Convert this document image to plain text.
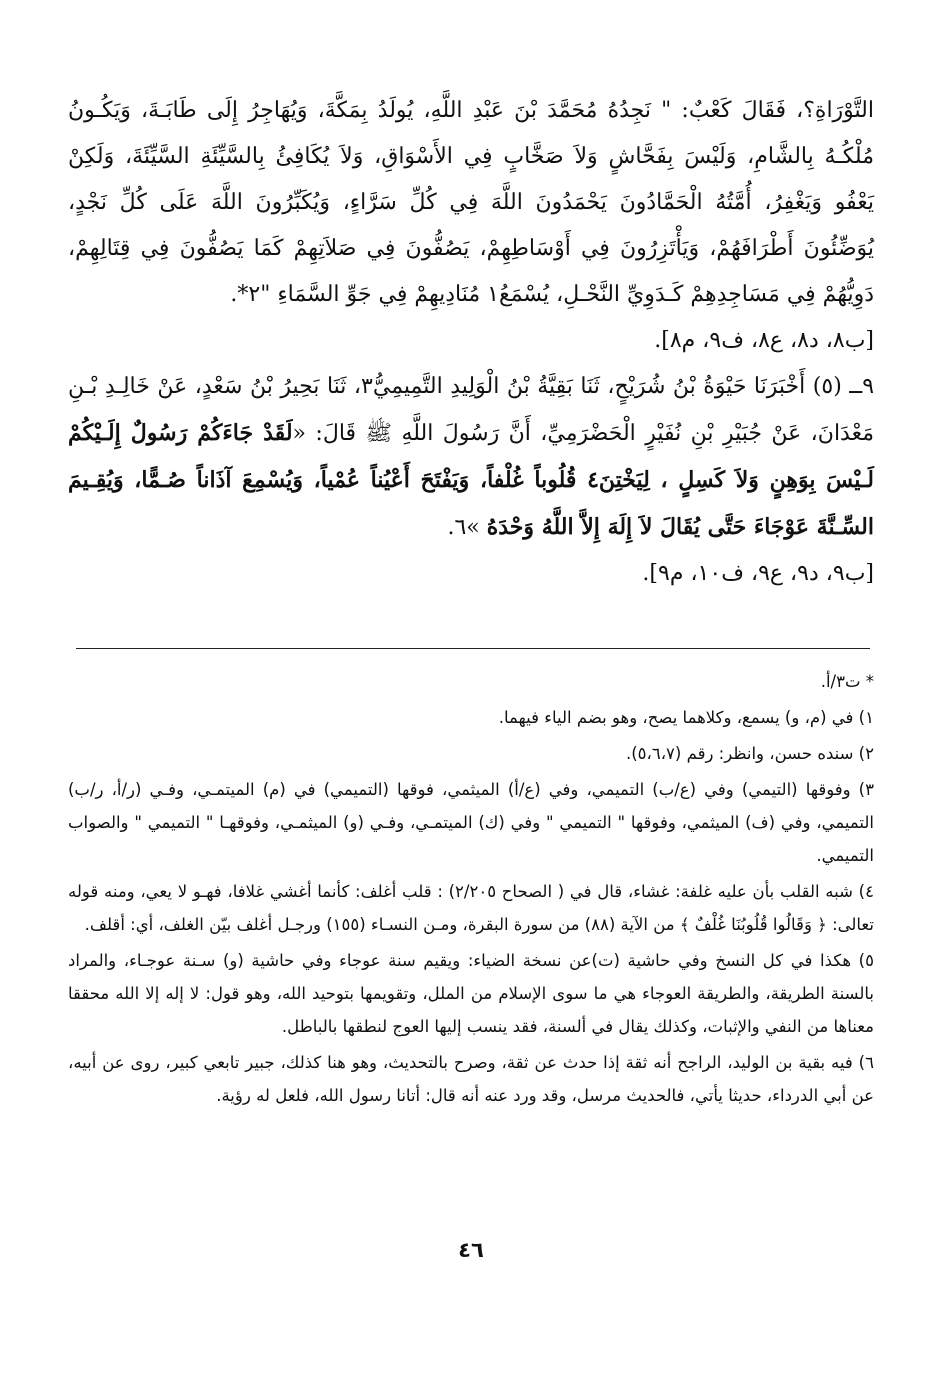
التَّوْرَاةِ؟، فَقَالَ كَعْبٌ: " نَجِدُهُ مُحَمَّدَ بْنَ عَبْدِ اللَّهِ، يُولَدُ بِمَكَّةَ، وَيُهَاجِرُ إِلَى طَابَـةَ، وَيَكُـونُ مُلْكُـهُ بِالشَّامِ، وَلَيْسَ بِفَحَّاشٍ وَلاَ صَخَّابٍ فِي الأَسْوَاقِ، وَلاَ يُكَافِئُ بِالسَّيِّئَةِ السَّيِّئَةَ، وَلَكِنْ يَعْفُو وَيَغْفِرُ، أُمَّتُهُ الْحَمَّادُونَ يَحْمَدُونَ اللَّهَ فِي كُلِّ سَرَّاءٍ، وَيُكَبِّرُونَ اللَّهَ عَلَى كُلِّ نَجْدٍ، يُوَضِّئُونَ أَطْرَافَهُمْ، وَيَأْتَزِرُونَ فِي أَوْسَاطِهِمْ، يَصُفُّونَ فِي صَلاَتِهِمْ كَمَا يَصُفُّونَ فِي قِتَالِهِمْ، دَوِيُّهُمْ فِي مَسَاجِدِهِمْ كَـدَوِيِّ النَّحْـلِ، يُسْمَعُ١ مُنَادِيهِمْ فِي جَوِّ السَّمَاءِ "٢*.

[ب٨، د٨، ع٨، ف٩، م٨].

٩ــ (٥) أَخْبَرَنَا حَيْوَةُ بْنُ شُرَيْحٍ، ثَنَا بَقِيَّةُ بْنُ الْوَلِيدِ التَّمِيمِيُّ٣، ثَنَا بَحِيرُ بْنُ سَعْدٍ، عَنْ خَالِـدِ بْـنِ مَعْدَانَ، عَنْ جُبَيْرِ بْنِ نُفَيْرٍ الْحَضْرَمِيِّ، أَنَّ رَسُولَ اللَّهِ ﷺ قَالَ: «لَقَدْ جَاءَكُمْ رَسُولٌ إِلَـيْكُمْ لَـيْسَ بِوَهِنٍ وَلاَ كَسِلٍ ، لِيَخْتِنَ٤ قُلُوباً غُلْفاً، وَيَفْتَحَ أَعْيُناً عُمْياً، وَيُسْمِعَ آذَاناً صُـمًّا، وَيُقِـيمَ السِّـنَّةَ عَوْجَاءَ حَتَّى يُقَالَ لاَ إِلَهَ إِلاَّ اللَّهُ وَحْدَهُ »٦.

[ب٩، د٩، ع٩، ف١٠، م٩].

* ت٣/أ.

١) في (م، و) يسمع، وكلاهما يصح، وهو بضم الياء فيهما.

٢) سنده حسن، وانظر: رقم (٥،٦،٧).

٣) وفوقها (التيمي) وفي (ع/ب) التميمي، وفي (ع/أ) الميثمي، فوقها (التميمي) في (م) الميتمـي، وفـي (ر/أ، ر/ب) التميمي، وفي (ف) الميثمي، وفوقها " التميمي " وفي (ك) الميتمـي، وفـي (و) الميثمـي، وفوقهـا " التميمي " والصواب التميمي.

٤) شبه القلب بأن عليه غلفة: غشاء، قال في ( الصحاح ٢/٢٠٥) : قلب أغلف: كأنما أغشي غلافا، فهـو لا يعي، ومنه قوله تعالى: ﴿ وَقَالُوا قُلُوبُنَا غُلْفٌ ﴾ من الآية (٨٨) من سورة البقرة، ومـن النسـاء (١٥٥) ورجـل أغلف بيّن الغلف، أي: أقلف.

٥) هكذا في كل النسخ وفي حاشية (ت)عن نسخة الضياء: ويقيم سنة عوجاء وفي حاشية (و) سـنة عوجـاء، والمراد بالسنة الطريقة، والطريقة العوجاء هي ما سوى الإسلام من الملل، وتقويمها بتوحيد الله، وهو قول: لا إله إلا الله محققا معناها من النفي والإثبات، وكذلك يقال في ألسنة، فقد ينسب إليها العوج لنطقها بالباطل.

٦) فيه بقية بن الوليد، الراجح أنه ثقة إذا حدث عن ثقة، وصرح بالتحديث، وهو هنا كذلك، جبير تابعي كبير، روى عن أبيه، عن أبي الدرداء، حديثا يأتي، فالحديث مرسل، وقد ورد عنه أنه قال: أتانا رسول الله، فلعل له رؤية.

٤٦
